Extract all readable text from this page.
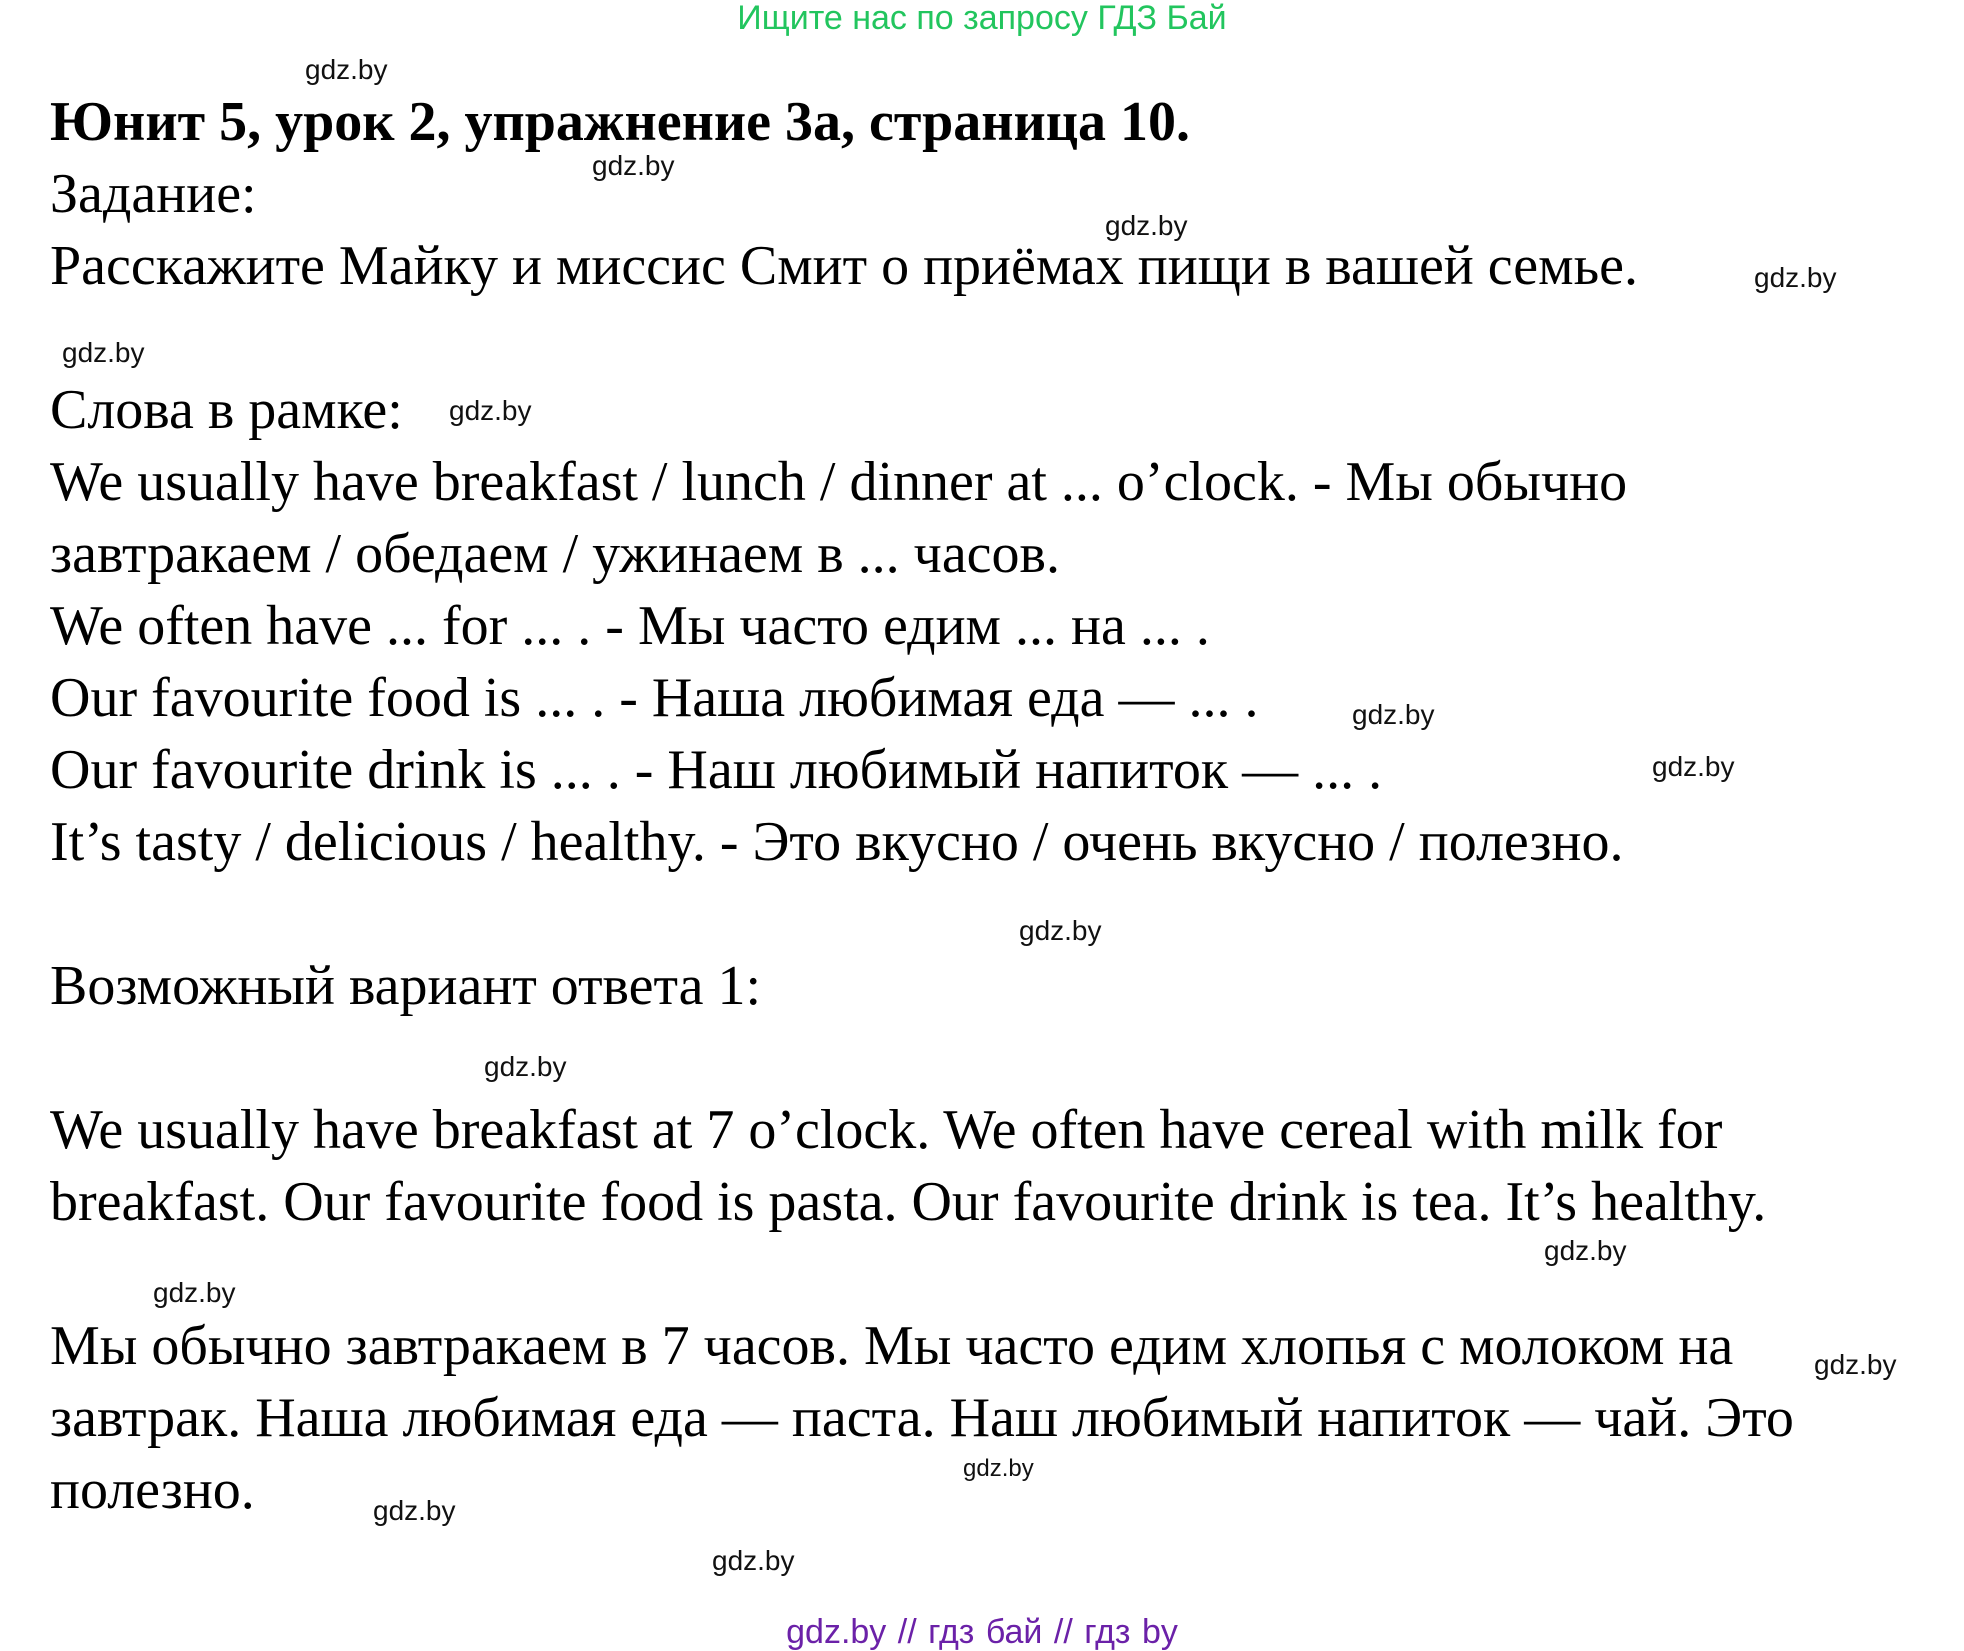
Ищите нас по запросу ГДЗ Бай
Юнит 5, урок 2, упражнение 3a, страница 10.
Задание:
Расскажите Майку и миссис Смит о приёмах пищи в вашей семье.
Слова в рамке:
We usually have breakfast / lunch / dinner at ... o’clock. - Мы обычно
завтракаем / обедаем / ужинаем в ... часов.
We often have ... for ... . - Мы часто едим ... на ... .
Our favourite food is ... . - Наша любимая еда — ... .
Our favourite drink is ... . - Наш любимый напиток — ... .
It’s tasty / delicious / healthy. - Это вкусно / очень вкусно / полезно.
Возможный вариант ответа 1:
We usually have breakfast at 7 o’clock. We often have cereal with milk for
breakfast. Our favourite food is pasta. Our favourite drink is tea. It’s healthy.
Мы обычно завтракаем в 7 часов. Мы часто едим хлопья с молоком на
завтрак. Наша любимая еда — паста. Наш любимый напиток — чай. Это
полезно.
gdz.by
gdz.by
gdz.by
gdz.by
gdz.by
gdz.by
gdz.by
gdz.by
gdz.by
gdz.by
gdz.by
gdz.by
gdz.by
gdz.by
gdz.by
gdz.by
gdz.by // гдз бай // гдз by
